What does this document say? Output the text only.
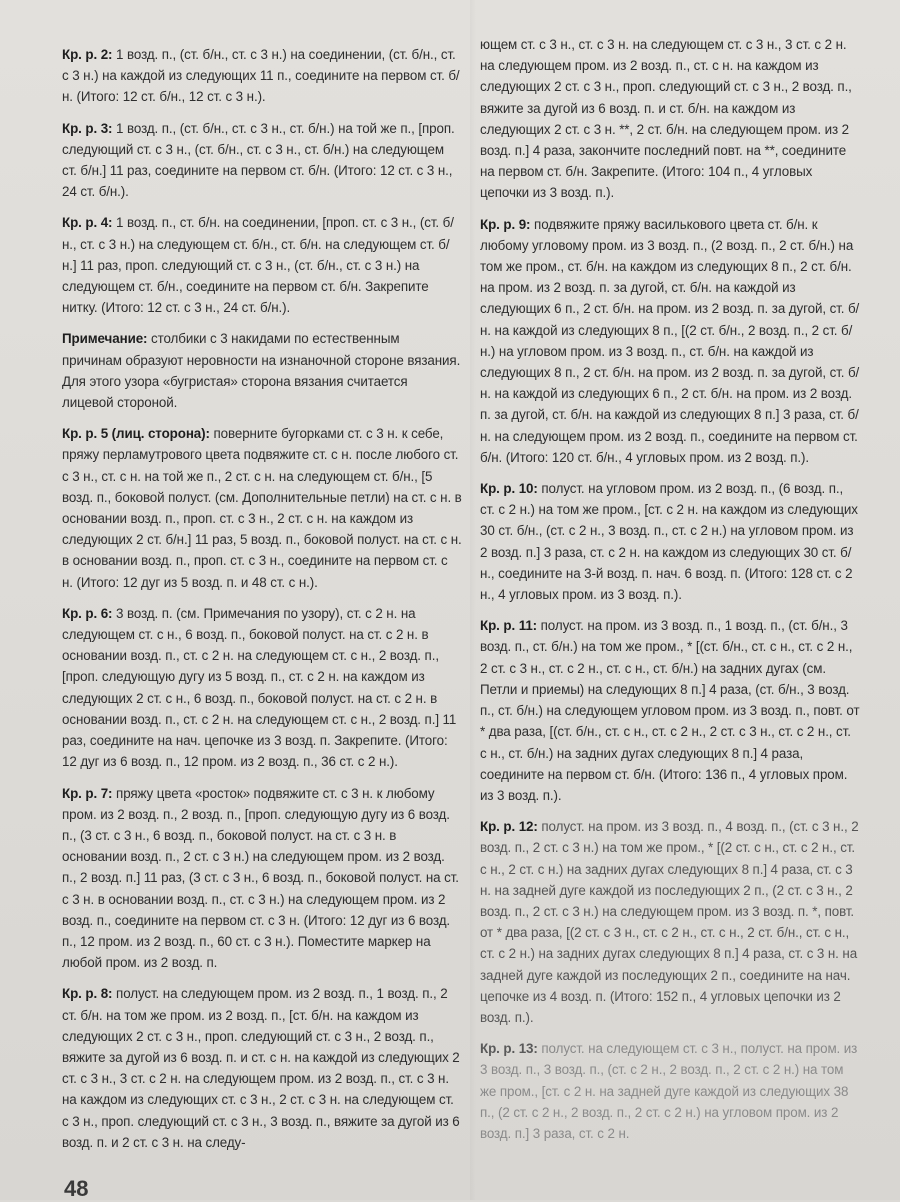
Кр. р. 2: 1 возд. п., (ст. б/н., ст. с 3 н.) на соединении, (ст. б/н., ст. с 3 н.) на каждой из следующих 11 п., соедините на первом ст. б/н. (Итого: 12 ст. б/н., 12 ст. с 3 н.).

Кр. р. 3: 1 возд. п., (ст. б/н., ст. с 3 н., ст. б/н.) на той же п., [проп. следующий ст. с 3 н., (ст. б/н., ст. с 3 н., ст. б/н.) на следующем ст. б/н.] 11 раз, соедините на первом ст. б/н. (Итого: 12 ст. с 3 н., 24 ст. б/н.).

Кр. р. 4: 1 возд. п., ст. б/н. на соединении, [проп. ст. с 3 н., (ст. б/н., ст. с 3 н.) на следующем ст. б/н., ст. б/н. на следующем ст. б/н.] 11 раз, проп. следующий ст. с 3 н., (ст. б/н., ст. с 3 н.) на следующем ст. б/н., соедините на первом ст. б/н. Закрепите нитку. (Итого: 12 ст. с 3 н., 24 ст. б/н.).

Примечание: столбики с 3 накидами по естественным причинам образуют неровности на изнаночной стороне вязания. Для этого узора «бугристая» сторона вязания считается лицевой стороной.

Кр. р. 5 (лиц. сторона): поверните бугорками ст. с 3 н. к себе, пряжу перламутрового цвета подвяжите ст. с н. после любого ст. с 3 н., ст. с н. на той же п., 2 ст. с н. на следующем ст. б/н., [5 возд. п., боковой полуст. (см. Дополнительные петли) на ст. с н. в основании возд. п., проп. ст. с 3 н., 2 ст. с н. на каждом из следующих 2 ст. б/н.] 11 раз, 5 возд. п., боковой полуст. на ст. с н. в основании возд. п., проп. ст. с 3 н., соедините на первом ст. с н. (Итого: 12 дуг из 5 возд. п. и 48 ст. с н.).

Кр. р. 6: 3 возд. п. (см. Примечания по узору), ст. с 2 н. на следующем ст. с н., 6 возд. п., боковой полуст. на ст. с 2 н. в основании возд. п., ст. с 2 н. на следующем ст. с н., 2 возд. п., [проп. следующую дугу из 5 возд. п., ст. с 2 н. на каждом из следующих 2 ст. с н., 6 возд. п., боковой полуст. на ст. с 2 н. в основании возд. п., ст. с 2 н. на следующем ст. с н., 2 возд. п.] 11 раз, соедините на нач. цепочке из 3 возд. п. Закрепите. (Итого: 12 дуг из 6 возд. п., 12 пром. из 2 возд. п., 36 ст. с 2 н.).

Кр. р. 7: пряжу цвета «росток» подвяжите ст. с 3 н. к любому пром. из 2 возд. п., 2 возд. п., [проп. следующую дугу из 6 возд. п., (3 ст. с 3 н., 6 возд. п., боковой полуст. на ст. с 3 н. в основании возд. п., 2 ст. с 3 н.) на следующем пром. из 2 возд. п., 2 возд. п.] 11 раз, (3 ст. с 3 н., 6 возд. п., боковой полуст. на ст. с 3 н. в основании возд. п., ст. с 3 н.) на следующем пром. из 2 возд. п., соедините на первом ст. с 3 н. (Итого: 12 дуг из 6 возд. п., 12 пром. из 2 возд. п., 60 ст. с 3 н.). Поместите маркер на любой пром. из 2 возд. п.

Кр. р. 8: полуст. на следующем пром. из 2 возд. п., 1 возд. п., 2 ст. б/н. на том же пром. из 2 возд. п., [ст. б/н. на каждом из следующих 2 ст. с 3 н., проп. следующий ст. с 3 н., 2 возд. п., вяжите за дугой из 6 возд. п. и ст. с н. на каждой из следующих 2 ст. с 3 н., 3 ст. с 2 н. на следующем пром. из 2 возд. п., ст. с 3 н. на каждом из следующих ст. с 3 н., 2 ст. с 3 н. на следующем ст. с 3 н., проп. следующий ст. с 3 н., 3 возд. п., вяжите за дугой из 6 возд. п. и 2 ст. с 3 н. на следу-

ющем ст. с 3 н., ст. с 3 н. на следующем ст. с 3 н., 3 ст. с 2 н. на следующем пром. из 2 возд. п., ст. с н. на каждом из следующих 2 ст. с 3 н., проп. следующий ст. с 3 н., 2 возд. п., вяжите за дугой из 6 возд. п. и ст. б/н. на каждом из следующих 2 ст. с 3 н. **, 2 ст. б/н. на следующем пром. из 2 возд. п.] 4 раза, закончите последний повт. на **, соедините на первом ст. б/н. Закрепите. (Итого: 104 п., 4 угловых цепочки из 3 возд. п.).

Кр. р. 9: подвяжите пряжу василькового цвета ст. б/н. к любому угловому пром. из 3 возд. п., (2 возд. п., 2 ст. б/н.) на том же пром., ст. б/н. на каждом из следующих 8 п., 2 ст. б/н. на пром. из 2 возд. п. за дугой, ст. б/н. на каждой из следующих 6 п., 2 ст. б/н. на пром. из 2 возд. п. за дугой, ст. б/н. на каждой из следующих 8 п., [(2 ст. б/н., 2 возд. п., 2 ст. б/н.) на угловом пром. из 3 возд. п., ст. б/н. на каждой из следующих 8 п., 2 ст. б/н. на пром. из 2 возд. п. за дугой, ст. б/н. на каждой из следующих 6 п., 2 ст. б/н. на пром. из 2 возд. п. за дугой, ст. б/н. на каждой из следующих 8 п.] 3 раза, ст. б/н. на следующем пром. из 2 возд. п., соедините на первом ст. б/н. (Итого: 120 ст. б/н., 4 угловых пром. из 2 возд. п.).

Кр. р. 10: полуст. на угловом пром. из 2 возд. п., (6 возд. п., ст. с 2 н.) на том же пром., [ст. с 2 н. на каждом из следующих 30 ст. б/н., (ст. с 2 н., 3 возд. п., ст. с 2 н.) на угловом пром. из 2 возд. п.] 3 раза, ст. с 2 н. на каждом из следующих 30 ст. б/н., соедините на 3-й возд. п. нач. 6 возд. п. (Итого: 128 ст. с 2 н., 4 угловых пром. из 3 возд. п.).

Кр. р. 11: полуст. на пром. из 3 возд. п., 1 возд. п., (ст. б/н., 3 возд. п., ст. б/н.) на том же пром., * [(ст. б/н., ст. с н., ст. с 2 н., 2 ст. с 3 н., ст. с 2 н., ст. с н., ст. б/н.) на задних дугах (см. Петли и приемы) на следующих 8 п.] 4 раза, (ст. б/н., 3 возд. п., ст. б/н.) на следующем угловом пром. из 3 возд. п., повт. от * два раза, [(ст. б/н., ст. с н., ст. с 2 н., 2 ст. с 3 н., ст. с 2 н., ст. с н., ст. б/н.) на задних дугах следующих 8 п.] 4 раза, соедините на первом ст. б/н. (Итого: 136 п., 4 угловых пром. из 3 возд. п.).

Кр. р. 12: полуст. на пром. из 3 возд. п., 4 возд. п., (ст. с 3 н., 2 возд. п., 2 ст. с 3 н.) на том же пром., * [(2 ст. с н., ст. с 2 н., ст. с н., 2 ст. с н.) на задних дугах следующих 8 п.] 4 раза, ст. с 3 н. на задней дуге каждой из последующих 2 п., (2 ст. с 3 н., 2 возд. п., 2 ст. с 3 н.) на следующем пром. из 3 возд. п. *, повт. от * два раза, [(2 ст. с 3 н., ст. с 2 н., ст. с н., 2 ст. б/н., ст. с н., ст. с 2 н.) на задних дугах следующих 8 п.] 4 раза, ст. с 3 н. на задней дуге каждой из последующих 2 п., соедините на нач. цепочке из 4 возд. п. (Итого: 152 п., 4 угловых цепочки из 2 возд. п.).

Кр. р. 13: полуст. на следующем ст. с 3 н., полуст. на пром. из 3 возд. п., 3 возд. п., (ст. с 2 н., 2 возд. п., 2 ст. с 2 н.) на том же пром., [ст. с 2 н. на задней дуге каждой из следующих 38 п., (2 ст. с 2 н., 2 возд. п., 2 ст. с 2 н.) на угловом пром. из 2 возд. п.] 3 раза, ст. с 2 н.

48
